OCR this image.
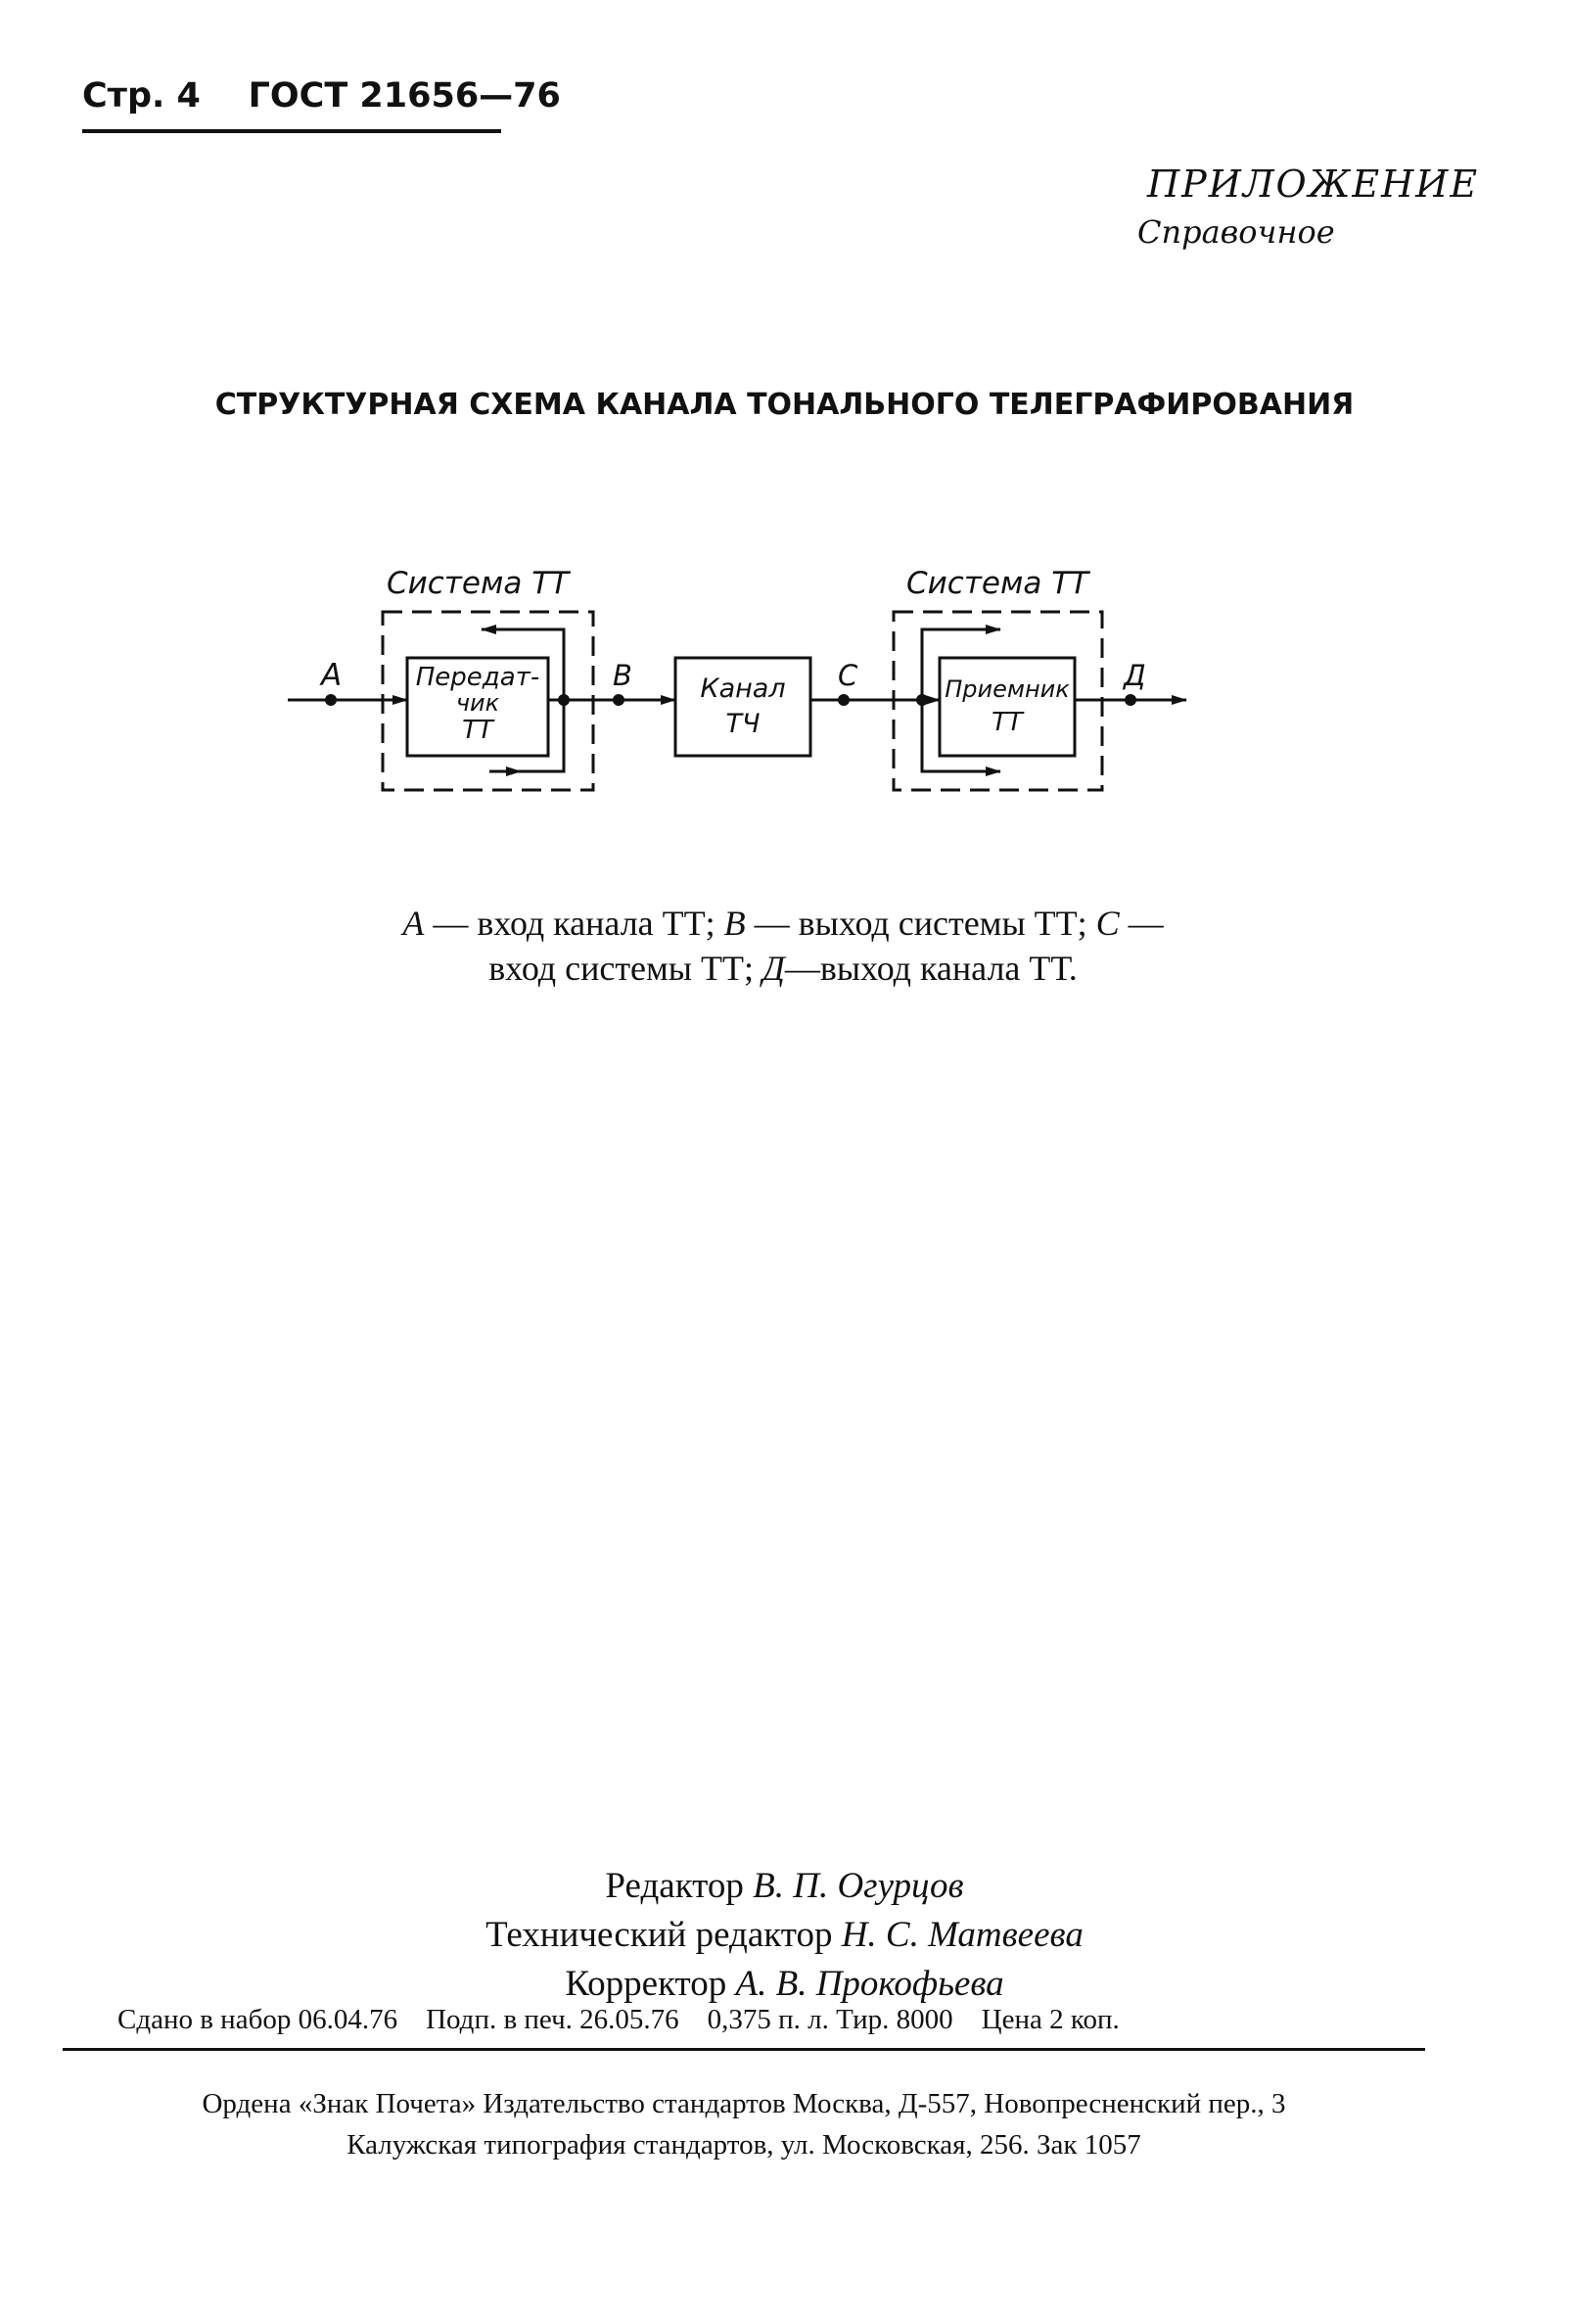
Стр. 4 ГОСТ 21656—76
ПРИЛОЖЕНИЕ
Справочное
СТРУКТУРНАЯ СХЕМА КАНАЛА ТОНАЛЬНОГО ТЕЛЕГРАФИРОВАНИЯ
Система ТТ	Система ТТ
Передат-
чик
ТТ
Канал
ТЧ
Приемник
ТТ
А	В	С	Д
А — вход канала ТТ; В — выход системы ТТ; С —
вход системы ТТ; Д—выход канала ТТ.
Редактор В. П. Огурцов
Технический редактор Н. С. Матвеева
Корректор А. В. Прокофьева
Сдано в набор 06.04.76    Подп. в печ. 26.05.76    0,375 п. л. Тир. 8000    Цена 2 коп.
Ордена «Знак Почета» Издательство стандартов Москва, Д-557, Новопресненский пер., 3
Калужская типография стандартов, ул. Московская, 256. Зак 1057
